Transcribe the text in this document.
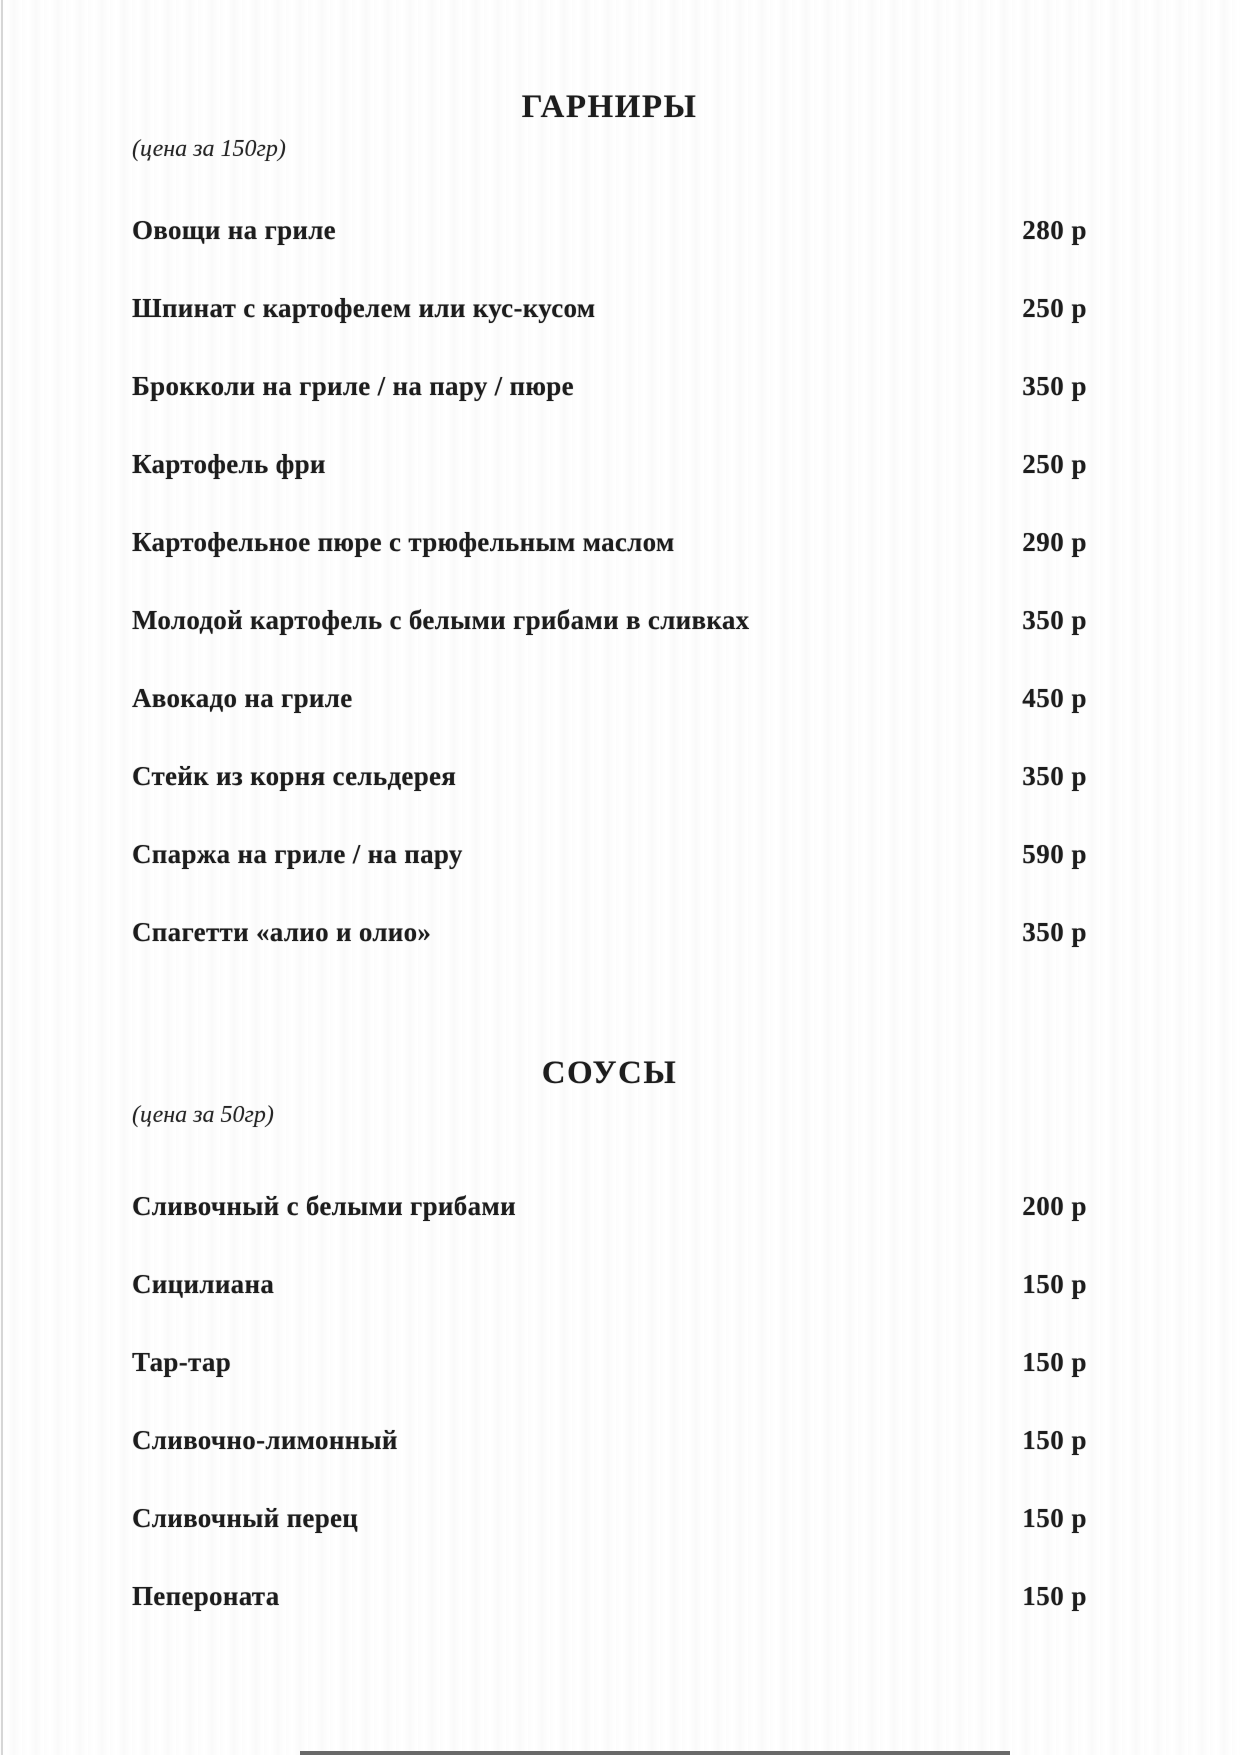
ГАРНИРЫ
(цена за 150гр)
Овощи на гриле	280 р
Шпинат с картофелем или кус-кусом	250 р
Брокколи на гриле / на пару / пюре	350 р
Картофель фри	250 р
Картофельное пюре с трюфельным маслом	290 р
Молодой картофель с белыми грибами в сливках	350 р
Авокадо на гриле	450 р
Стейк из корня сельдерея	350 р
Спаржа на гриле / на пару	590 р
Спагетти «алио и олио»	350 р
СОУСЫ
(цена за 50гр)
Сливочный с белыми грибами	200 р
Сицилиана	150 р
Тар-тар	150 р
Сливочно-лимонный	150 р
Сливочный перец	150 р
Пепероната	150 р
